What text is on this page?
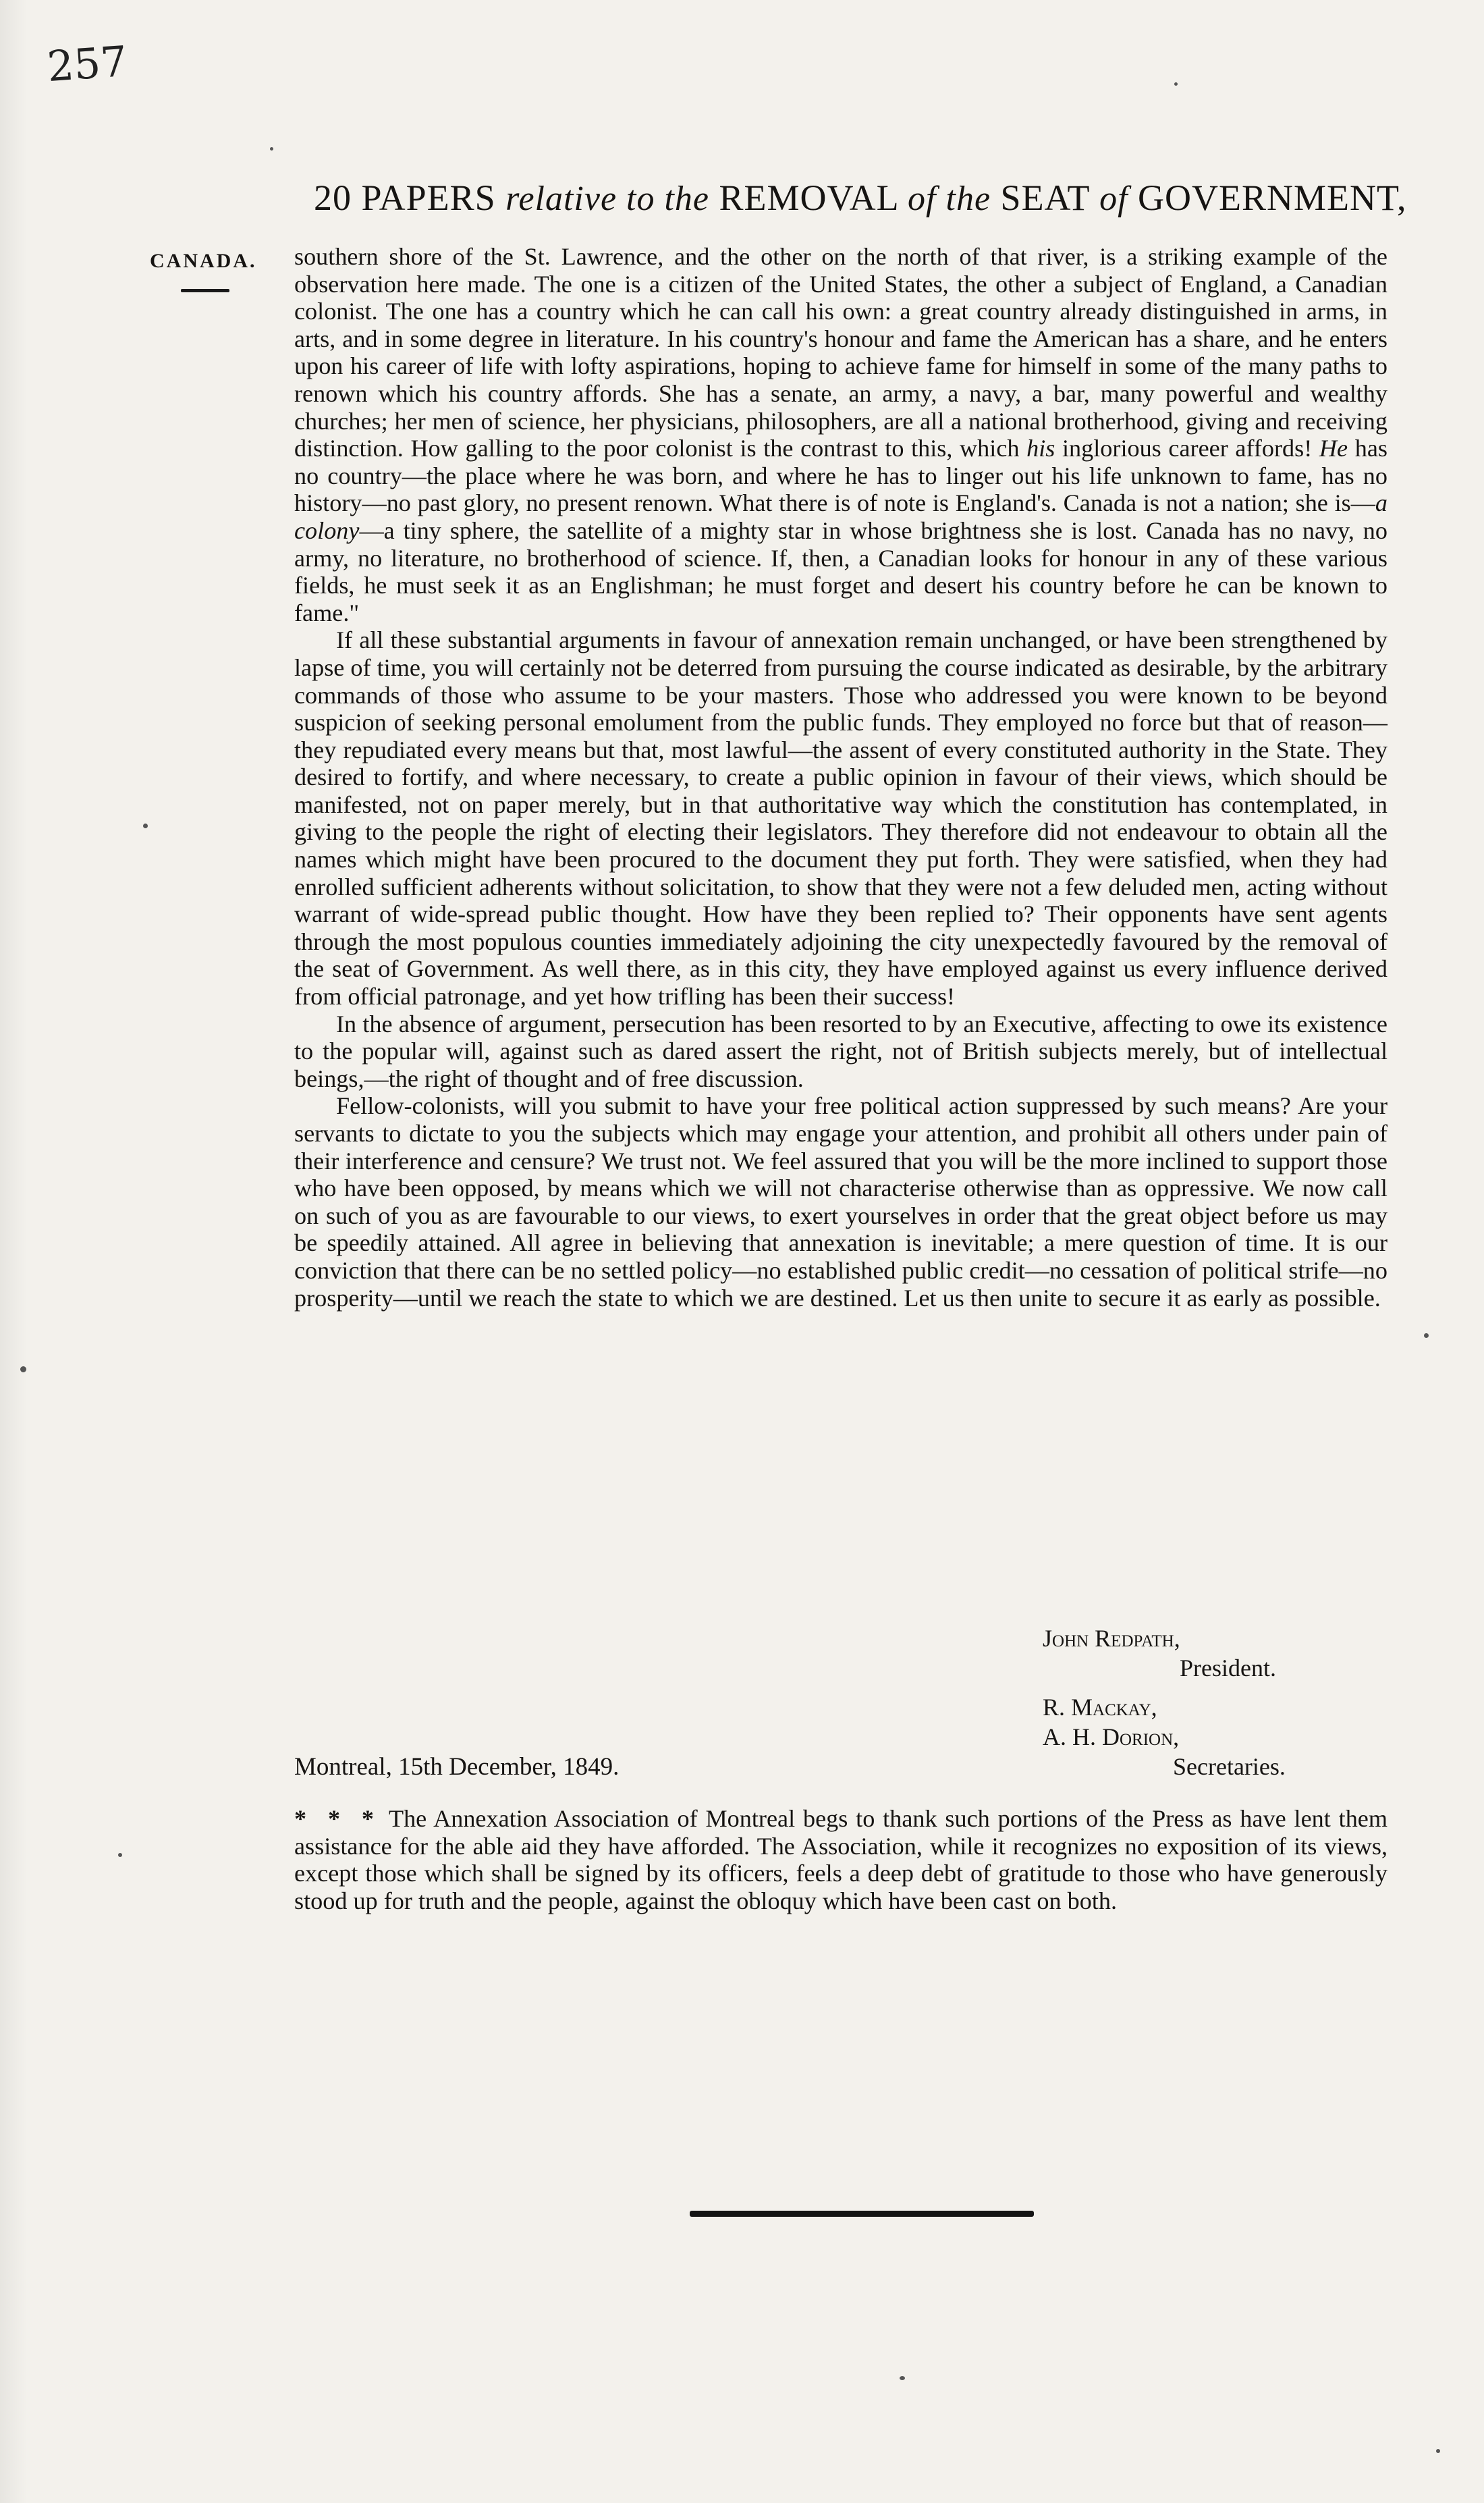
257
20 PAPERS relative to the REMOVAL of the SEAT of GOVERNMENT,
CANADA. southern shore of the St. Lawrence, and the other on the north of that river, is a striking example of the observation here made. The one is a citizen of the United States, the other a subject of England, a Canadian colonist. The one has a country which he can call his own: a great country already distinguished in arms, in arts, and in some degree in literature. In his country's honour and fame the American has a share, and he enters upon his career of life with lofty aspirations, hoping to achieve fame for himself in some of the many paths to renown which his country affords. She has a senate, an army, a navy, a bar, many powerful and wealthy churches; her men of science, her physicians, philosophers, are all a national brotherhood, giving and receiving distinction. How galling to the poor colonist is the contrast to this, which his inglorious career affords! He has no country—the place where he was born, and where he has to linger out his life unknown to fame, has no history—no past glory, no present renown. What there is of note is England's. Canada is not a nation; she is—a colony—a tiny sphere, the satellite of a mighty star in whose brightness she is lost. Canada has no navy, no army, no literature, no brotherhood of science. If, then, a Canadian looks for honour in any of these various fields, he must seek it as an Englishman; he must forget and desert his country before he can be known to fame."

If all these substantial arguments in favour of annexation remain unchanged, or have been strengthened by lapse of time, you will certainly not be deterred from pursuing the course indicated as desirable, by the arbitrary commands of those who assume to be your masters. Those who addressed you were known to be beyond suspicion of seeking personal emolument from the public funds. They employed no force but that of reason—they repudiated every means but that, most lawful—the assent of every constituted authority in the State. They desired to fortify, and where necessary, to create a public opinion in favour of their views, which should be manifested, not on paper merely, but in that authoritative way which the constitution has contemplated, in giving to the people the right of electing their legislators. They therefore did not endeavour to obtain all the names which might have been procured to the document they put forth. They were satisfied, when they had enrolled sufficient adherents without solicitation, to show that they were not a few deluded men, acting without warrant of wide-spread public thought. How have they been replied to? Their opponents have sent agents through the most populous counties immediately adjoining the city unexpectedly favoured by the removal of the seat of Government. As well there, as in this city, they have employed against us every influence derived from official patronage, and yet how trifling has been their success!

In the absence of argument, persecution has been resorted to by an Executive, affecting to owe its existence to the popular will, against such as dared assert the right, not of British subjects merely, but of intellectual beings,—the right of thought and of free discussion.

Fellow-colonists, will you submit to have your free political action suppressed by such means? Are your servants to dictate to you the subjects which may engage your attention, and prohibit all others under pain of their interference and censure? We trust not. We feel assured that you will be the more inclined to support those who have been opposed, by means which we will not characterise otherwise than as oppressive. We now call on such of you as are favourable to our views, to exert yourselves in order that the great object before us may be speedily attained. All agree in believing that annexation is inevitable; a mere question of time. It is our conviction that there can be no settled policy—no established public credit—no cessation of political strife—no prosperity—until we reach the state to which we are destined. Let us then unite to secure it as early as possible.

John Redpath,
President.
R. Mackay,
A. H. Dorion,
Secretaries.
Montreal, 15th December, 1849.
* * * The Annexation Association of Montreal begs to thank such portions of the Press as have lent them assistance for the able aid they have afforded. The Association, while it recognizes no exposition of its views, except those which shall be signed by its officers, feels a deep debt of gratitude to those who have generously stood up for truth and the people, against the obloquy which have been cast on both.
